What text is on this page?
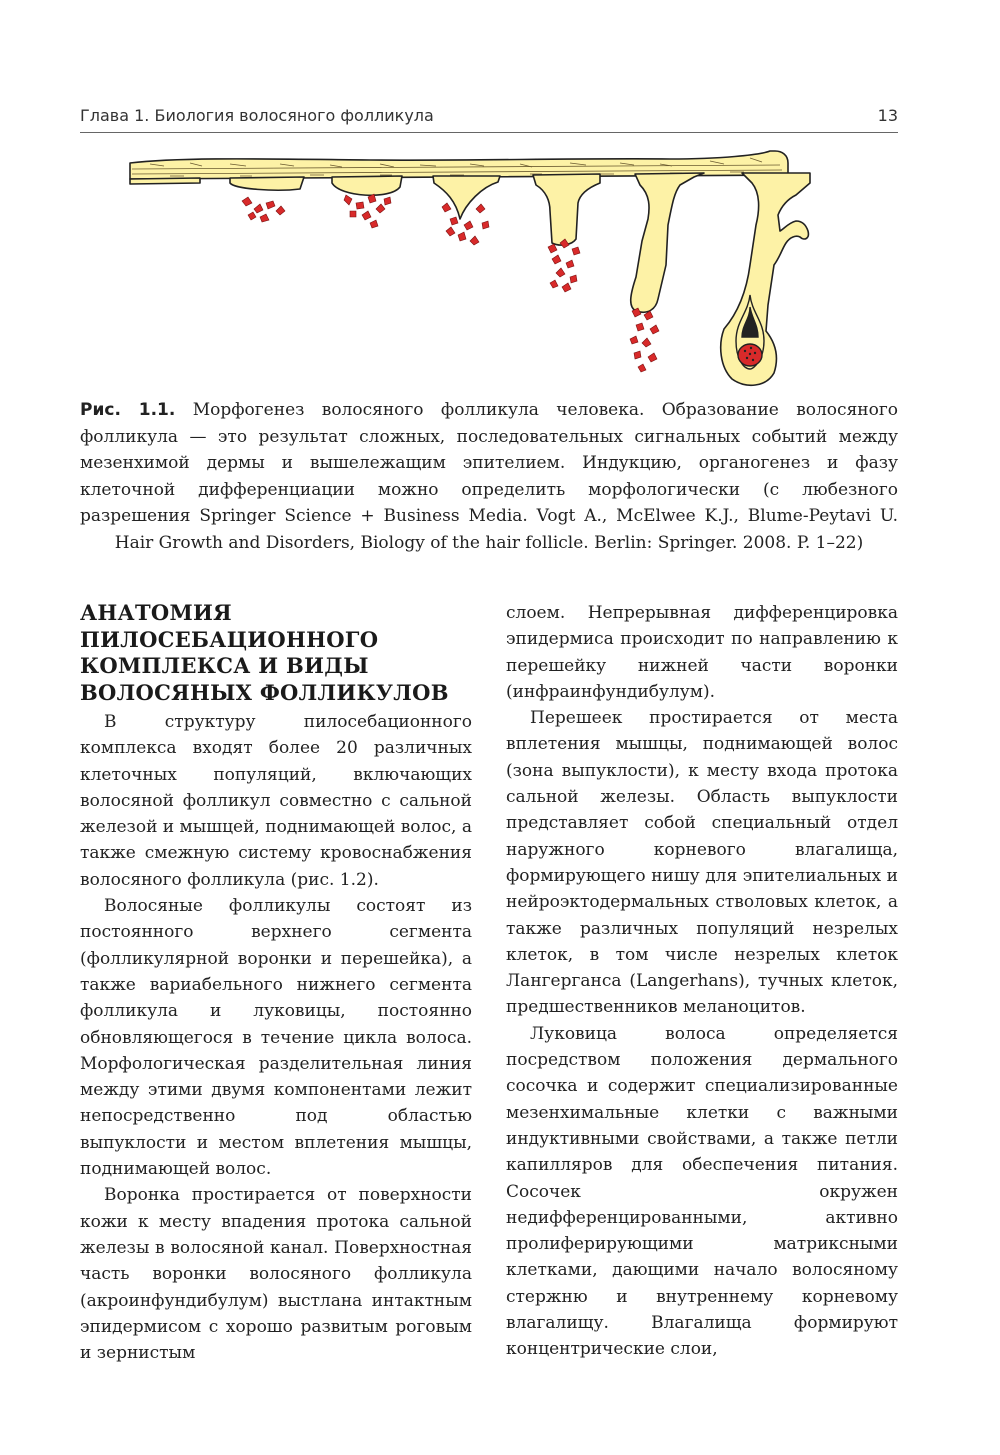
Глава 1. Биология волосяного фолликула	13
Рис. 1.1. Морфогенез волосяного фолликула человека. Образование волосяного фолликула — это результат сложных, последовательных сигнальных событий между мезенхимой дермы и вышележащим эпителием. Индукцию, органогенез и фазу клеточной дифференциации можно определить морфологически (с любезного разрешения Springer Science + Business Media. Vogt A., McElwee K.J., Blume-Peytavi U. Hair Growth and Disorders, Biology of the hair follicle. Berlin: Springer. 2008. P. 1–22)
АНАТОМИЯ ПИЛОСЕБАЦИОННОГО КОМПЛЕКСА И ВИДЫ ВОЛОСЯНЫХ ФОЛЛИКУЛОВ

В структуру пилосебационного комплекса входят более 20 различных клеточных популяций, включающих волосяной фолликул совместно с сальной железой и мышцей, поднимающей волос, а также смежную систему кровоснабжения волосяного фолликула (рис. 1.2).

Волосяные фолликулы состоят из постоянного верхнего сегмента (фолликулярной воронки и перешейка), а также вариабельного нижнего сегмента фолликула и луковицы, постоянно обновляющегося в течение цикла волоса. Морфологическая разделительная линия между этими двумя компонентами лежит непосредственно под областью выпуклости и местом вплетения мышцы, поднимающей волос.

Воронка простирается от поверхности кожи к месту впадения протока сальной железы в волосяной канал. Поверхностная часть воронки волосяного фолликула (акроинфундибулум) выстлана интактным эпидермисом с хорошо развитым роговым и зернистым

слоем. Непрерывная дифференцировка эпидермиса происходит по направлению к перешейку нижней части воронки (инфраинфундибулум).

Перешеек простирается от места вплетения мышцы, поднимающей волос (зона выпуклости), к месту входа протока сальной железы. Область выпуклости представляет собой специальный отдел наружного корневого влагалища, формирующего нишу для эпителиальных и нейроэктодермальных стволовых клеток, а также различных популяций незрелых клеток, в том числе незрелых клеток Лангерганса (Langerhans), тучных клеток, предшественников меланоцитов.

Луковица волоса определяется посредством положения дермального сосочка и содержит специализированные мезенхимальные клетки с важными индуктивными свойствами, а также петли капилляров для обеспечения питания. Сосочек окружен недифференцированными, активно пролиферирующими матриксными клетками, дающими начало волосяному стержню и внутреннему корневому влагалищу. Влагалища формируют концентрические слои,
